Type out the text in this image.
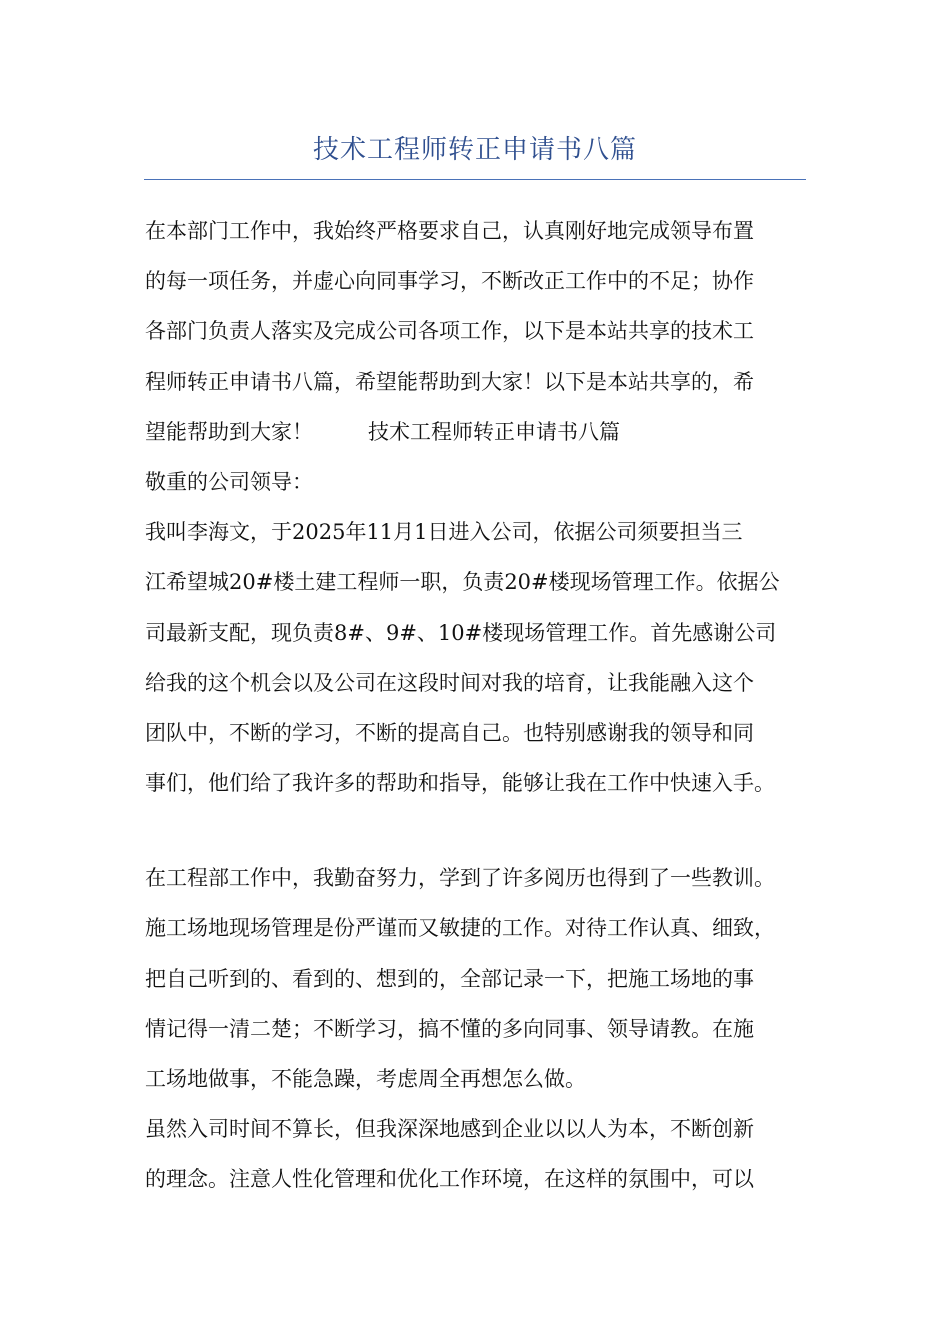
技术工程师转正申请书八篇
在本部门工作中，我始终严格要求自己，认真刚好地完成领导布置
的每一项任务，并虚心向同事学习，不断改正工作中的不足；协作
各部门负责人落实及完成公司各项工作，以下是本站共享的技术工
程师转正申请书八篇，希望能帮助到大家！以下是本站共享的，希
望能帮助到大家！	技术工程师转正申请书八篇
敬重的公司领导：
我叫李海文，于2025年11月1日进入公司，依据公司须要担当三
江希望城20#楼土建工程师一职，负责20#楼现场管理工作。依据公
司最新支配，现负责8#、9#、10#楼现场管理工作。首先感谢公司
给我的这个机会以及公司在这段时间对我的培育，让我能融入这个
团队中，不断的学习，不断的提高自己。也特别感谢我的领导和同
事们，他们给了我许多的帮助和指导，能够让我在工作中快速入手。
在工程部工作中，我勤奋努力，学到了许多阅历也得到了一些教训。
施工场地现场管理是份严谨而又敏捷的工作。对待工作认真、细致，
把自己听到的、看到的、想到的，全部记录一下，把施工场地的事
情记得一清二楚；不断学习，搞不懂的多向同事、领导请教。在施
工场地做事，不能急躁，考虑周全再想怎么做。
虽然入司时间不算长，但我深深地感到企业以以人为本，不断创新
的理念。注意人性化管理和优化工作环境，在这样的氛围中，可以
